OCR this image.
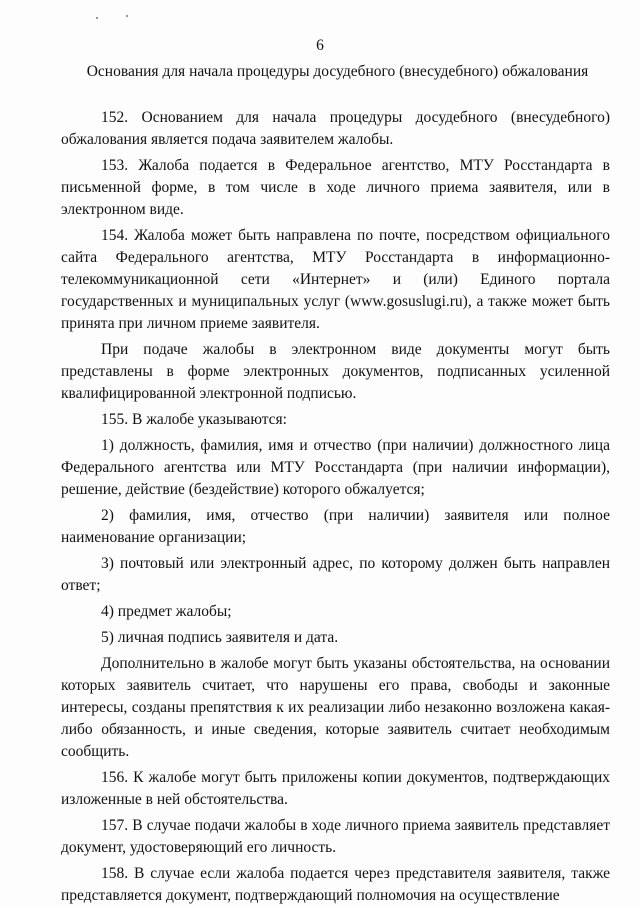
6
Основания для начала процедуры досудебного (внесудебного) обжалования

152. Основанием для начала процедуры досудебного (внесудебного) обжалования является подача заявителем жалобы.

153. Жалоба подается в Федеральное агентство, МТУ Росстандарта в письменной форме, в том числе в ходе личного приема заявителя, или в электронном виде.

154. Жалоба может быть направлена по почте, посредством официального сайта Федерального агентства, МТУ Росстандарта в информационно-телекоммуникационной сети «Интернет» и (или) Единого портала государственных и муниципальных услуг (www.gosuslugi.ru), а также может быть принята при личном приеме заявителя.

При подаче жалобы в электронном виде документы могут быть представлены в форме электронных документов, подписанных усиленной квалифицированной электронной подписью.

155. В жалобе указываются:

1) должность, фамилия, имя и отчество (при наличии) должностного лица Федерального агентства или МТУ Росстандарта (при наличии информации), решение, действие (бездействие) которого обжалуется;

2) фамилия, имя, отчество (при наличии) заявителя или полное наименование организации;

3) почтовый или электронный адрес, по которому должен быть направлен ответ;

4) предмет жалобы;

5) личная подпись заявителя и дата.

Дополнительно в жалобе могут быть указаны обстоятельства, на основании которых заявитель считает, что нарушены его права, свободы и законные интересы, созданы препятствия к их реализации либо незаконно возложена какая-либо обязанность, и иные сведения, которые заявитель считает необходимым сообщить.

156. К жалобе могут быть приложены копии документов, подтверждающих изложенные в ней обстоятельства.

157. В случае подачи жалобы в ходе личного приема заявитель представляет документ, удостоверяющий его личность.

158. В случае если жалоба подается через представителя заявителя, также представляется документ, подтверждающий полномочия на осуществление
